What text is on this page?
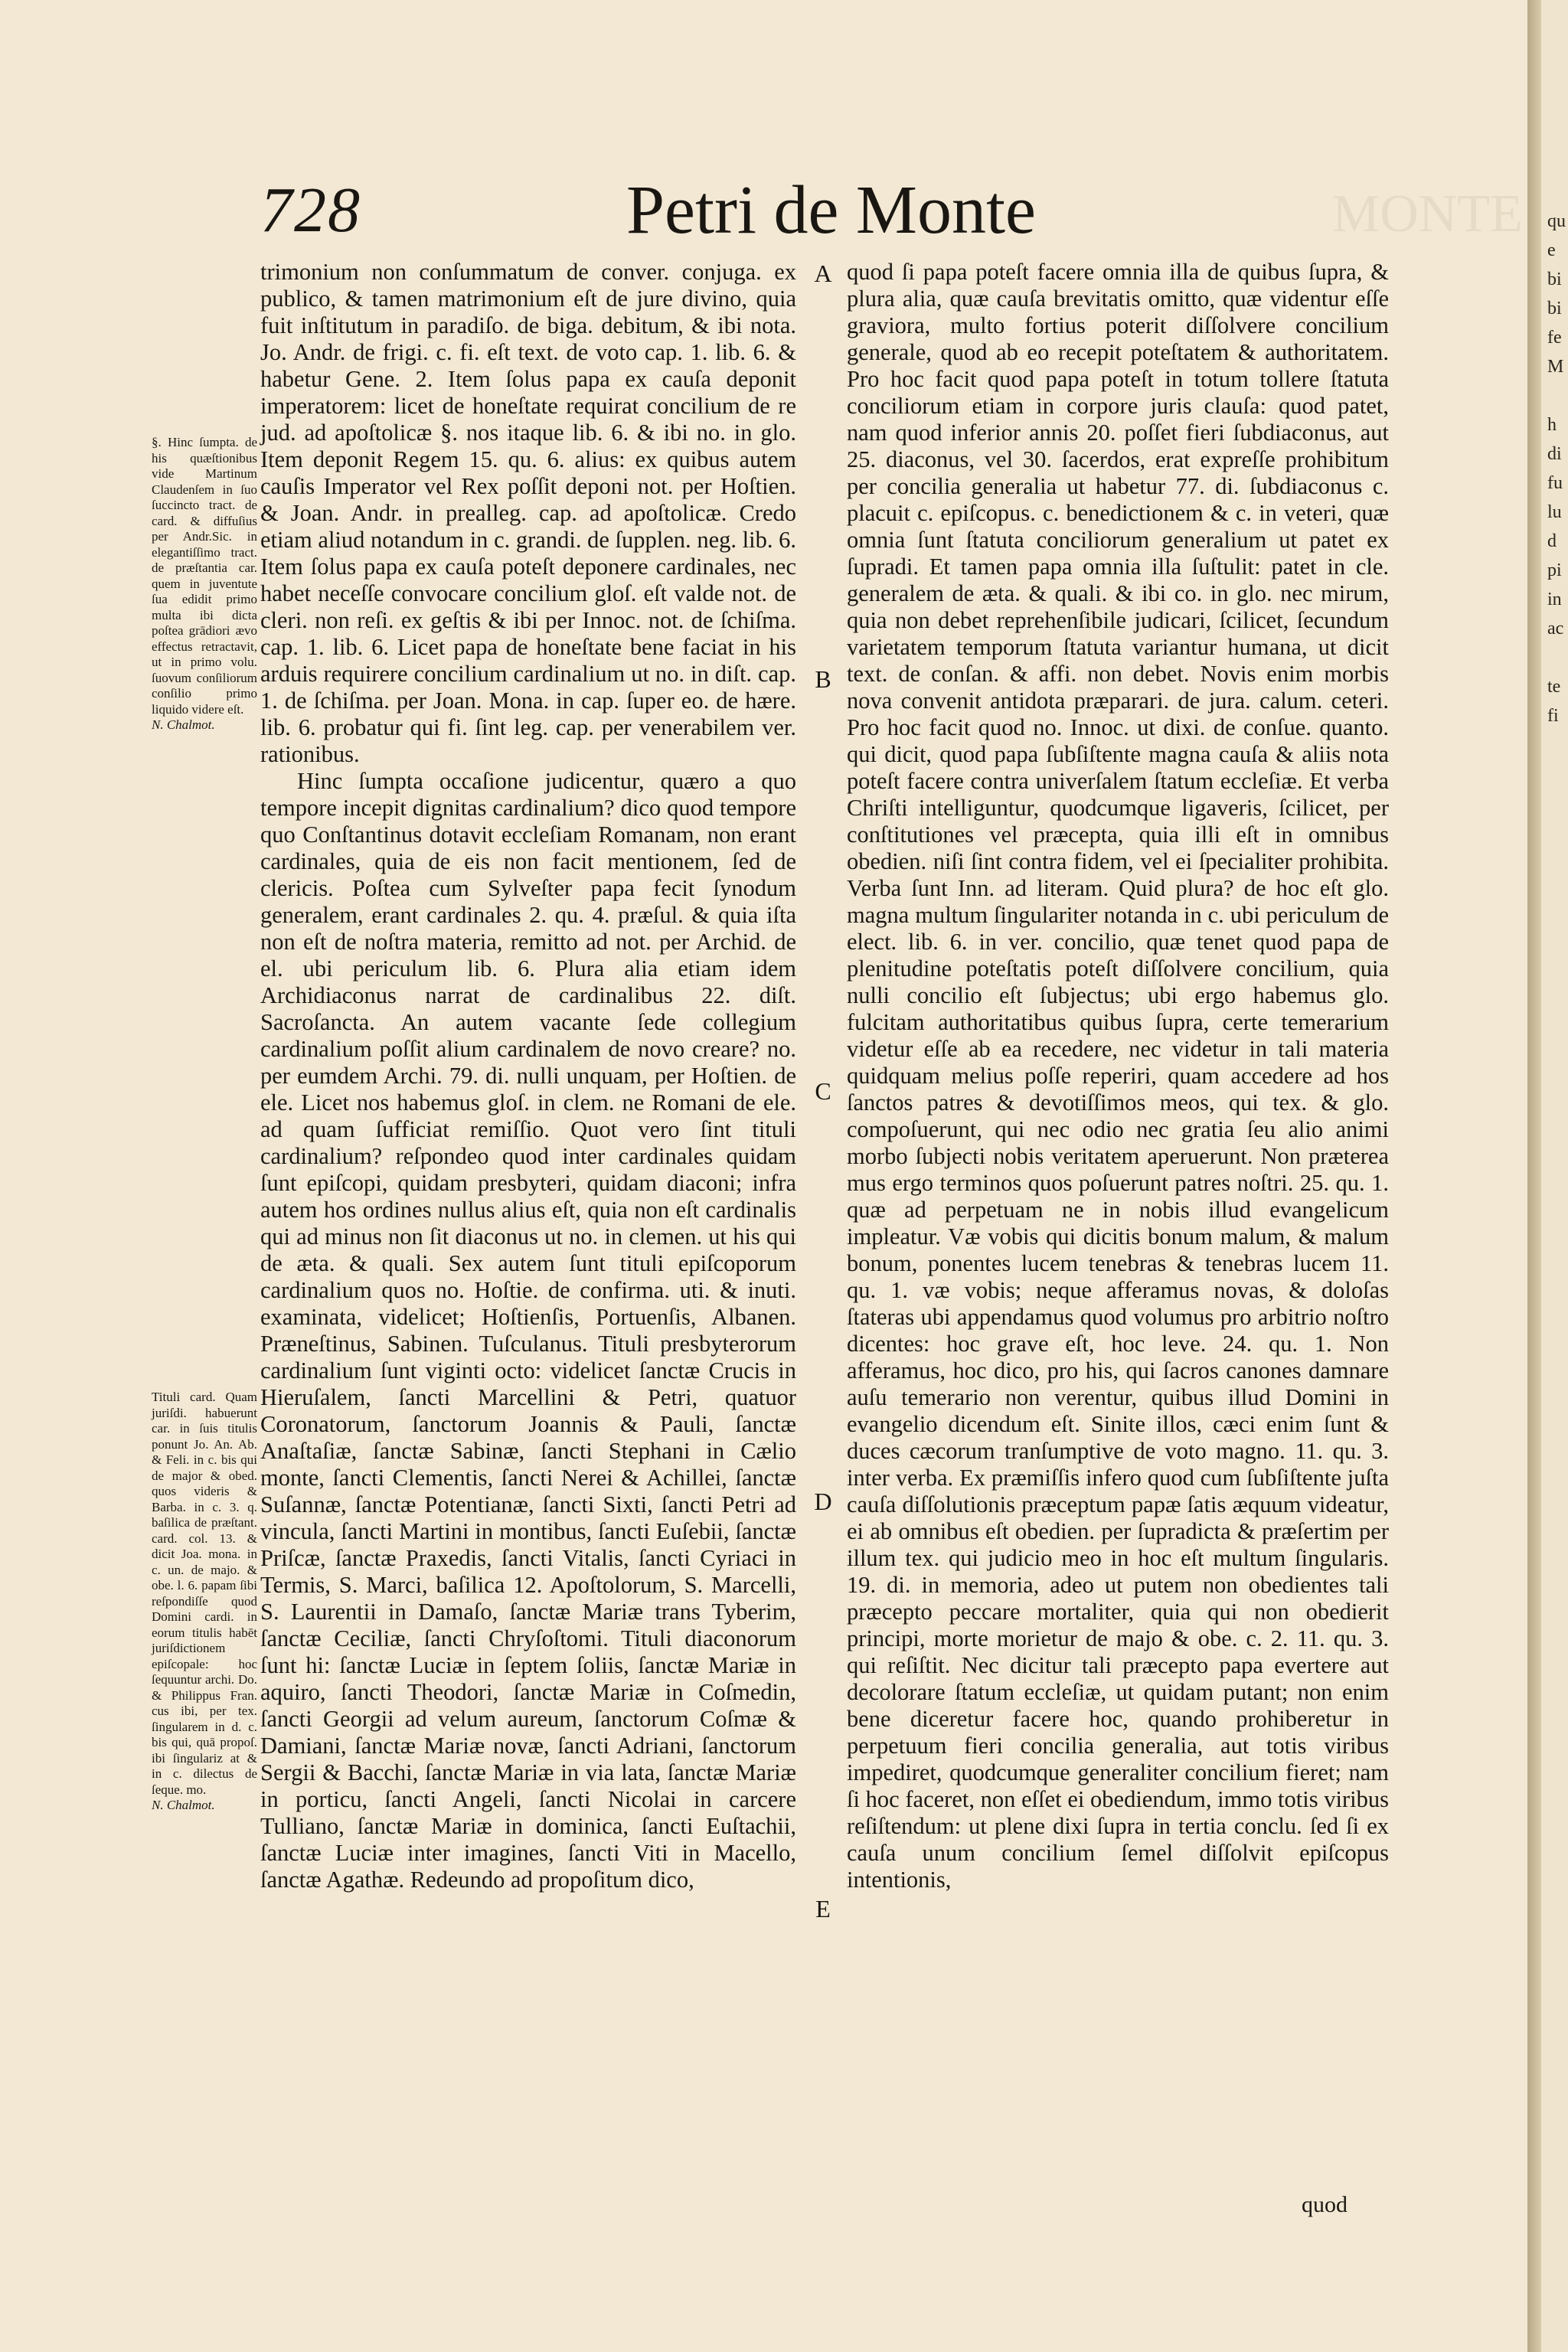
728	Petri de Monte	MONTE
§. Hinc ſumpta. de his quæſtionibus vide Martinum Claudenſem in ſuo ſuccincto tract. de card. & diffuſius per Andr.Sic. in elegantiſſimo tract. de præſtantia car. quem in juventute ſua edidit primo multa ibi dicta poſtea grādiori ævo effectus retractavit, ut in primo volu. ſuovum conſiliorum conſilio primo liquido videre eſt.
N. Chalmot.
Tituli card. Quam juriſdi. habuerunt car. in ſuis titulis ponunt Jo. An. Ab. & Feli. in c. bis qui de major & obed. quos videris & Barba. in c. 3. q. baſilica de præſtant. card. col. 13. & dicit Joa. mona. in c. un. de majo. & obe. l. 6. papam ſibi reſpondiſſe quod Domini cardi. in eorum titulis habēt juriſdictionem epiſcopale: hoc ſequuntur archi. Do. & Philippus Fran. cus ibi, per tex. ſingularem in d. c. bis qui, quā propoſ. ibi ſingulariz at & in c. dilectus de ſeque. mo.
N. Chalmot.

trimonium non conſummatum de conver. conjuga. ex publico, & tamen matrimonium eſt de jure divino, quia fuit inſtitutum in paradiſo. de biga. debitum, & ibi nota. Jo. Andr. de frigi. c. fi. eſt text. de voto cap. 1. lib. 6. & habetur Gene. 2. Item ſolus papa ex cauſa deponit imperatorem: licet de honeſtate requirat concilium de re jud. ad apoſtolicæ §. nos itaque lib. 6. & ibi no. in glo. Item deponit Regem 15. qu. 6. alius: ex quibus autem cauſis Imperator vel Rex poſſit deponi not. per Hoſtien. & Joan. Andr. in prealleg. cap. ad apoſtolicæ. Credo etiam aliud notandum in c. grandi. de ſupplen. neg. lib. 6. Item ſolus papa ex cauſa poteſt deponere cardinales, nec habet neceſſe convocare concilium gloſ. eſt valde not. de cleri. non reſi. ex geſtis & ibi per Innoc. not. de ſchiſma. cap. 1. lib. 6. Licet papa de honeſtate bene faciat in his arduis requirere concilium cardinalium ut no. in diſt. cap. 1. de ſchiſma. per Joan. Mona. in cap. ſuper eo. de hære. lib. 6. probatur qui fi. ſint leg. cap. per venerabilem ver. rationibus.

Hinc ſumpta occaſione judicentur, quæro a quo tempore incepit dignitas cardinalium? dico quod tempore quo Conſtantinus dotavit eccleſiam Romanam, non erant cardinales, quia de eis non facit mentionem, ſed de clericis. Poſtea cum Sylveſter papa fecit ſynodum generalem, erant cardinales 2. qu. 4. præſul. & quia iſta non eſt de noſtra materia, remitto ad not. per Archid. de el. ubi periculum lib. 6. Plura alia etiam idem Archidiaconus narrat de cardinalibus 22. diſt. Sacroſancta. An autem vacante ſede collegium cardinalium poſſit alium cardinalem de novo creare? no. per eumdem Archi. 79. di. nulli unquam, per Hoſtien. de ele. Licet nos habemus gloſ. in clem. ne Romani de ele. ad quam ſufficiat remiſſio. Quot vero ſint tituli cardinalium? reſpondeo quod inter cardinales quidam ſunt epiſcopi, quidam presbyteri, quidam diaconi; infra autem hos ordines nullus alius eſt, quia non eſt cardinalis qui ad minus non ſit diaconus ut no. in clemen. ut his qui de æta. & quali. Sex autem ſunt tituli epiſcoporum cardinalium quos no. Hoſtie. de confirma. uti. & inuti. examinata, videlicet; Hoſtienſis, Portuenſis, Albanen. Præneſtinus, Sabinen. Tuſculanus. Tituli presbyterorum cardinalium ſunt viginti octo: videlicet ſanctæ Crucis in Hieruſalem, ſancti Marcellini & Petri, quatuor Coronatorum, ſanctorum Joannis & Pauli, ſanctæ Anaſtaſiæ, ſanctæ Sabinæ, ſancti Stephani in Cælio monte, ſancti Clementis, ſancti Nerei & Achillei, ſanctæ Suſannæ, ſanctæ Potentianæ, ſancti Sixti, ſancti Petri ad vincula, ſancti Martini in montibus, ſancti Euſebii, ſanctæ Priſcæ, ſanctæ Praxedis, ſancti Vitalis, ſancti Cyriaci in Termis, S. Marci, baſilica 12. Apoſtolorum, S. Marcelli, S. Laurentii in Damaſo, ſanctæ Mariæ trans Tyberim, ſanctæ Ceciliæ, ſancti Chryſoſtomi. Tituli diaconorum ſunt hi: ſanctæ Luciæ in ſeptem ſoliis, ſanctæ Mariæ in aquiro, ſancti Theodori, ſanctæ Mariæ in Coſmedin, ſancti Georgii ad velum aureum, ſanctorum Coſmæ & Damiani, ſanctæ Mariæ novæ, ſancti Adriani, ſanctorum Sergii & Bacchi, ſanctæ Mariæ in via lata, ſanctæ Mariæ in porticu, ſancti Angeli, ſancti Nicolai in carcere Tulliano, ſanctæ Mariæ in dominica, ſancti Euſtachii, ſanctæ Luciæ inter imagines, ſancti Viti in Macello, ſanctæ Agathæ. Redeundo ad propoſitum dico,

A
B
C
D
E

quod ſi papa poteſt facere omnia illa de quibus ſupra, & plura alia, quæ cauſa brevitatis omitto, quæ videntur eſſe graviora, multo fortius poterit diſſolvere concilium generale, quod ab eo recepit poteſtatem & authoritatem. Pro hoc facit quod papa poteſt in totum tollere ſtatuta conciliorum etiam in corpore juris clauſa: quod patet, nam quod inferior annis 20. poſſet fieri ſubdiaconus, aut 25. diaconus, vel 30. ſacerdos, erat expreſſe prohibitum per concilia generalia ut habetur 77. di. ſubdiaconus c. placuit c. epiſcopus. c. benedictionem & c. in veteri, quæ omnia ſunt ſtatuta conciliorum generalium ut patet ex ſupradi. Et tamen papa omnia illa ſuſtulit: patet in cle. generalem de æta. & quali. & ibi co. in glo. nec mirum, quia non debet reprehenſibile judicari, ſcilicet, ſecundum varietatem temporum ſtatuta variantur humana, ut dicit text. de conſan. & affi. non debet. Novis enim morbis nova convenit antidota præparari. de jura. calum. ceteri. Pro hoc facit quod no. Innoc. ut dixi. de conſue. quanto. qui dicit, quod papa ſubſiſtente magna cauſa & aliis nota poteſt facere contra univerſalem ſtatum eccleſiæ. Et verba Chriſti intelliguntur, quodcumque ligaveris, ſcilicet, per conſtitutiones vel præcepta, quia illi eſt in omnibus obedien. niſi ſint contra fidem, vel ei ſpecialiter prohibita. Verba ſunt Inn. ad literam. Quid plura? de hoc eſt glo. magna multum ſingulariter notanda in c. ubi periculum de elect. lib. 6. in ver. concilio, quæ tenet quod papa de plenitudine poteſtatis poteſt diſſolvere concilium, quia nulli concilio eſt ſubjectus; ubi ergo habemus glo. fulcitam authoritatibus quibus ſupra, certe temerarium videtur eſſe ab ea recedere, nec videtur in tali materia quidquam melius poſſe reperiri, quam accedere ad hos ſanctos patres & devotiſſimos meos, qui tex. & glo. compoſuerunt, qui nec odio nec gratia ſeu alio animi morbo ſubjecti nobis veritatem aperuerunt. Non præterea mus ergo terminos quos poſuerunt patres noſtri. 25. qu. 1. quæ ad perpetuam ne in nobis illud evangelicum impleatur. Væ vobis qui dicitis bonum malum, & malum bonum, ponentes lucem tenebras & tenebras lucem 11. qu. 1. væ vobis; neque afferamus novas, & doloſas ſtateras ubi appendamus quod volumus pro arbitrio noſtro dicentes: hoc grave eſt, hoc leve. 24. qu. 1. Non afferamus, hoc dico, pro his, qui ſacros canones damnare auſu temerario non verentur, quibus illud Domini in evangelio dicendum eſt. Sinite illos, cæci enim ſunt & duces cæcorum tranſumptive de voto magno. 11. qu. 3. inter verba. Ex præmiſſis infero quod cum ſubſiſtente juſta cauſa diſſolutionis præceptum papæ ſatis æquum videatur, ei ab omnibus eſt obedien. per ſupradicta & præſertim per illum tex. qui judicio meo in hoc eſt multum ſingularis. 19. di. in memoria, adeo ut putem non obedientes tali præcepto peccare mortaliter, quia qui non obedierit principi, morte morietur de majo & obe. c. 2. 11. qu. 3. qui reſiſtit. Nec dicitur tali præcepto papa evertere aut decolorare ſtatum eccleſiæ, ut quidam putant; non enim bene diceretur facere hoc, quando prohiberetur in perpetuum fieri concilia generalia, aut totis viribus impediret, quodcumque generaliter concilium fieret; nam ſi hoc faceret, non eſſet ei obediendum, immo totis viribus reſiſtendum: ut plene dixi ſupra in tertia conclu. ſed ſi ex cauſa unum concilium ſemel diſſolvit epiſcopus intentionis,

quod
qu
e
bi
bi
fe
M

h
di
fu
lu
d
pi
in
ac

te
fi
